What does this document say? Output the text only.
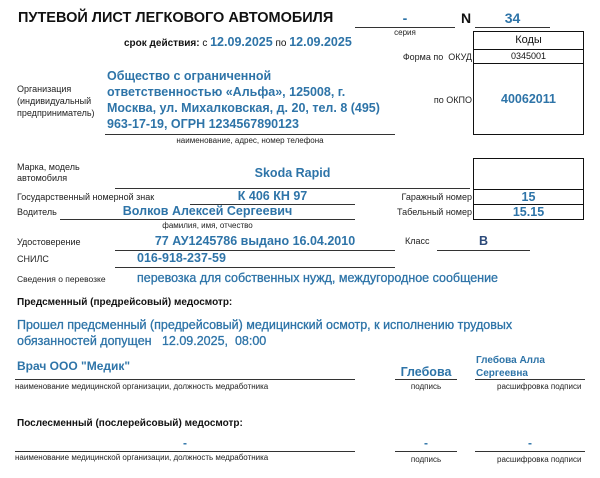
ПУТЕВОЙ ЛИСТ ЛЕГКОВОГО АВТОМОБИЛЯ	-
серия
N	34
срок действия: с 12.09.2025 по 12.09.2025	Коды
Форма по  ОКУД	0345001
по ОКПО	40062011
Организация
(индивидуальный
предприниматель)
Общество с ограниченной
ответственностью «Альфа», 125008, г.
Москва, ул. Михалковская, д. 20, тел. 8 (495)
963-17-19, ОГРН 1234567890123
наименование, адрес, номер телефона
Марка, модель
автомобиля	Skoda Rapid
Государственный номерной знак	К 406 КН 97	Гаражный номер	15
Водитель	Волков Алексей Сергеевич
фамилия, имя, отчество
Табельный номер	15.15
Удостоверение	77 АУ1245786 выдано 16.04.2010	Класс	B
СНИЛС	016-918-237-59
Сведения о перевозке	перевозка для собственных нужд, междугородное сообщение
Предсменный (предрейсовый) медосмотр:
Прошел предсменный (предрейсовый) медицинский осмотр, к исполнению трудовых
обязанностей допущен   12.09.2025,  08:00
Врач ООО "Медик"
наименование медицинской организации, должность медработника
Глебова
подпись
Глебова Алла
Сергеевна
расшифровка подписи
Послесменный (послерейсовый) медосмотр:
-
наименование медицинской организации, должность медработника
-
подпись
-
расшифровка подписи
